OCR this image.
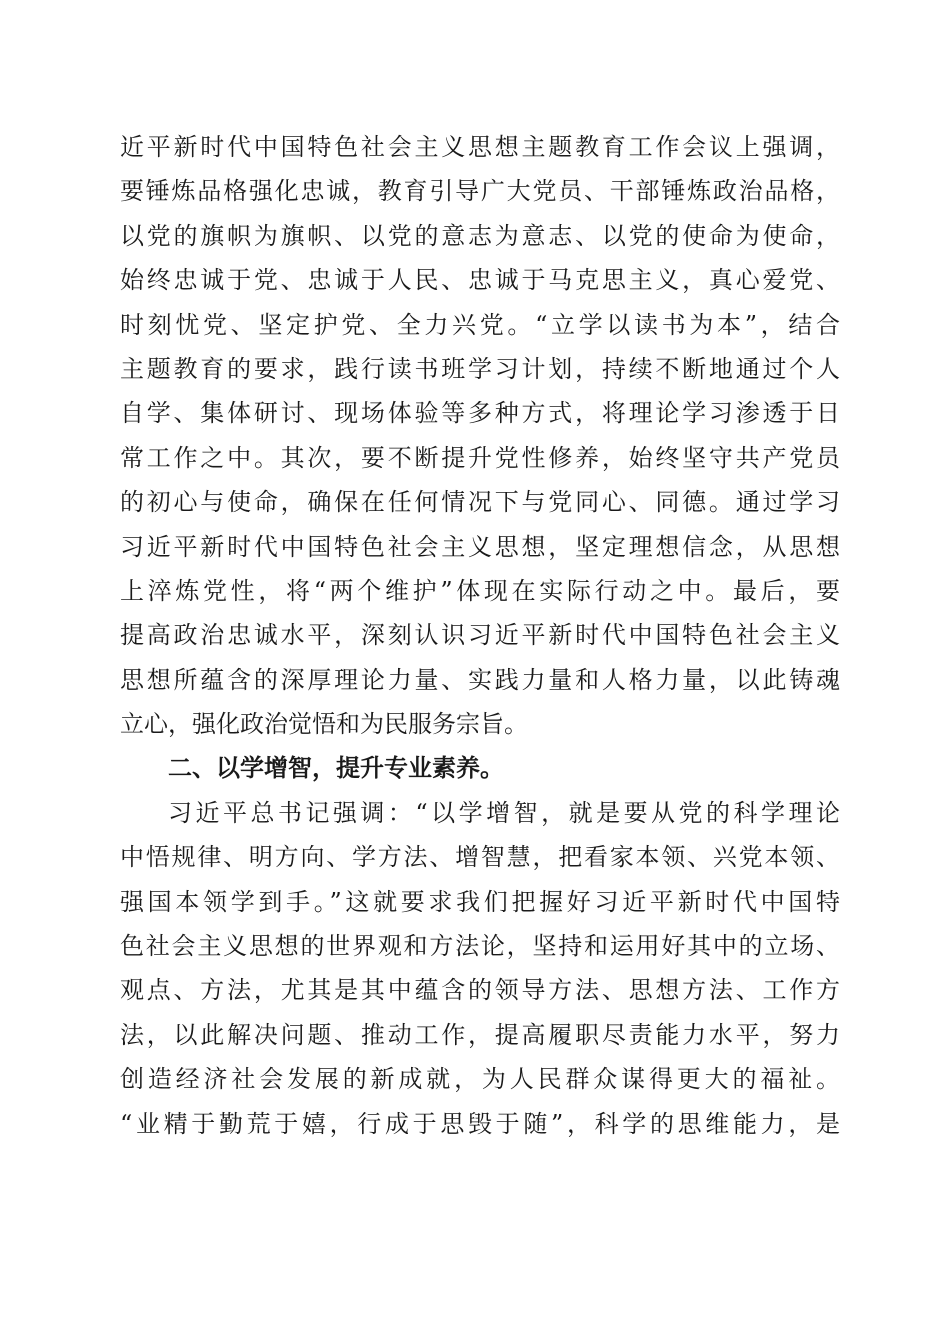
近平新时代中国特色社会主义思想主题教育工作会议上强调，
要锤炼品格强化忠诚，教育引导广大党员、干部锤炼政治品格，
以党的旗帜为旗帜、以党的意志为意志、以党的使命为使命，
始终忠诚于党、忠诚于人民、忠诚于马克思主义，真心爱党、
时刻忧党、坚定护党、全力兴党。“立学以读书为本”，结合
主题教育的要求，践行读书班学习计划，持续不断地通过个人
自学、集体研讨、现场体验等多种方式，将理论学习渗透于日
常工作之中。其次，要不断提升党性修养，始终坚守共产党员
的初心与使命，确保在任何情况下与党同心、同德。通过学习
习近平新时代中国特色社会主义思想，坚定理想信念，从思想
上淬炼党性，将“两个维护”体现在实际行动之中。最后，要
提高政治忠诚水平，深刻认识习近平新时代中国特色社会主义
思想所蕴含的深厚理论力量、实践力量和人格力量，以此铸魂
立心，强化政治觉悟和为民服务宗旨。
二、以学增智，提升专业素养。
习近平总书记强调：“以学增智，就是要从党的科学理论
中悟规律、明方向、学方法、增智慧，把看家本领、兴党本领、
强国本领学到手。”这就要求我们把握好习近平新时代中国特
色社会主义思想的世界观和方法论，坚持和运用好其中的立场、
观点、方法，尤其是其中蕴含的领导方法、思想方法、工作方
法，以此解决问题、推动工作，提高履职尽责能力水平，努力
创造经济社会发展的新成就，为人民群众谋得更大的福祉。
“业精于勤荒于嬉，行成于思毁于随”，科学的思维能力，是
